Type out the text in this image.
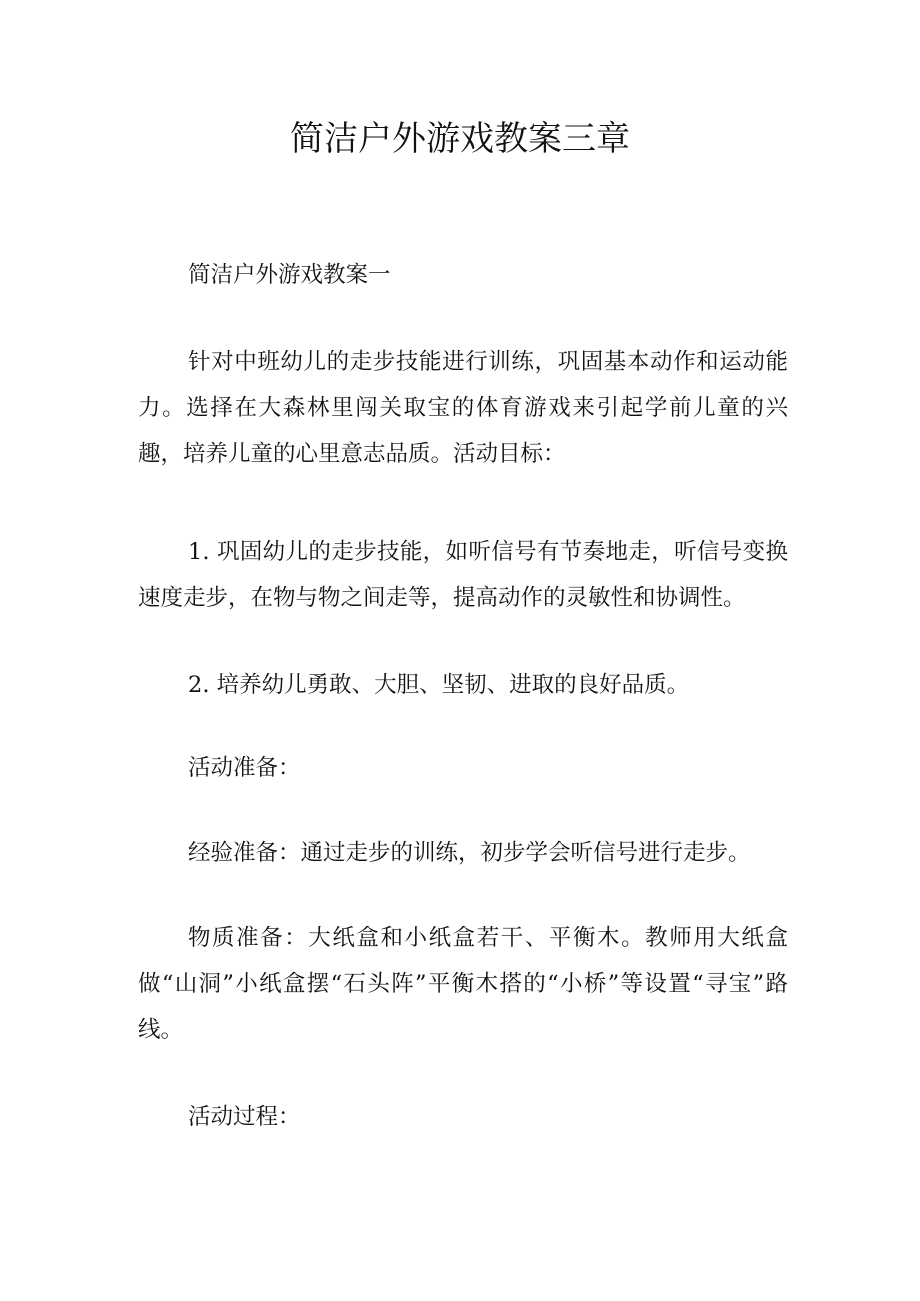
简洁户外游戏教案三章

简洁户外游戏教案一

针对中班幼儿的走步技能进行训练，巩固基本动作和运动能力。选择在大森林里闯关取宝的体育游戏来引起学前儿童的兴趣，培养儿童的心里意志品质。活动目标：

1. 巩固幼儿的走步技能，如听信号有节奏地走，听信号变换速度走步，在物与物之间走等，提高动作的灵敏性和协调性。

2. 培养幼儿勇敢、大胆、坚韧、进取的良好品质。

活动准备：

经验准备：通过走步的训练，初步学会听信号进行走步。

物质准备：大纸盒和小纸盒若干、平衡木。教师用大纸盒做“山洞”小纸盒摆“石头阵”平衡木搭的“小桥”等设置“寻宝”路线。

活动过程：
